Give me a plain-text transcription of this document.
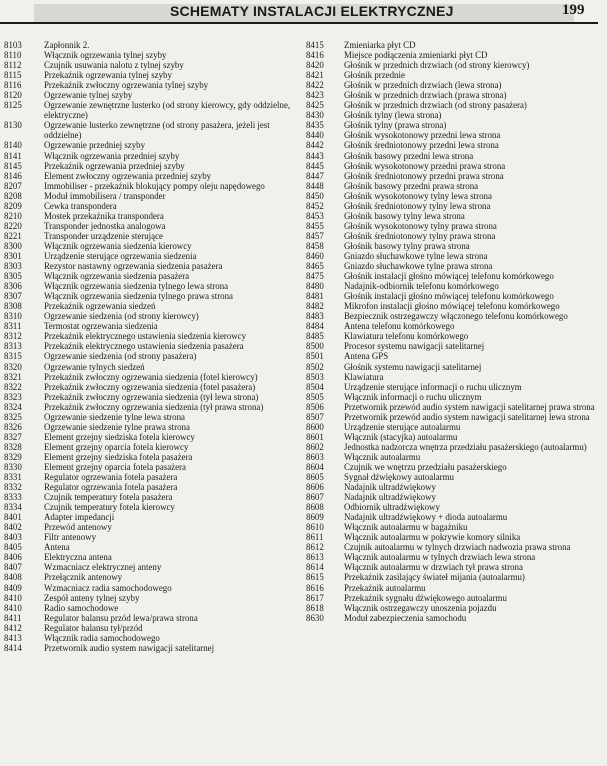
SCHEMATY INSTALACJI ELEKTRYCZNEJ	199
8103	Zapłonnik 2.
8110	Włącznik ogrzewania tylnej szyby
8112	Czujnik usuwania nalotu z tylnej szyby
8115	Przekaźnik ogrzewania tylnej szyby
8116	Przekaźnik zwłoczny ogrzewania tylnej szyby
8120	Ogrzewanie tylnej szyby
8125	Ogrzewanie zewnętrzne lusterko (od strony kierowcy, gdy oddzielne, elektryczne)
8130	Ogrzewanie lusterko zewnętrzne (od strony pasażera, jeżeli jest oddzielne)
8140	Ogrzewanie przedniej szyby
8141	Włącznik ogrzewania przedniej szyby
8145	Przekaźnik ogrzewania przedniej szyby
8146	Element zwłoczny ogrzewania przedniej szyby
8207	Immobiliser - przekaźnik blokujący pompy oleju napędowego
8208	Moduł immobilisera / transponder
8209	Cewka transpondera
8210	Mostek przekaźnika transpondera
8220	Transponder jednostka analogowa
8221	Transponder urządzenie sterujące
8300	Włącznik ogrzewania siedzenia kierowcy
8301	Urządzenie sterujące ogrzewania siedzenia
8303	Rezystor nastawny ogrzewania siedzenia pasażera
8305	Włącznik ogrzewania siedzenia pasażera
8306	Włącznik ogrzewania siedzenia tylnego lewa strona
8307	Włącznik ogrzewania siedzenia tylnego prawa strona
8308	Przekaźnik ogrzewania siedzeń
8310	Ogrzewanie siedzenia (od strony kierowcy)
8311	Termostat ogrzewania siedzenia
8312	Przekaźnik elektrycznego ustawienia siedzenia kierowcy
8313	Przekaźnik elektrycznego ustawienia siedzenia pasażera
8315	Ogrzewanie siedzenia (od strony pasażera)
8320	Ogrzewanie tylnych siedzeń
8321	Przekaźnik zwłoczny ogrzewania siedzenia (fotel kierowcy)
8322	Przekaźnik zwłoczny ogrzewania siedzenia (fotel pasażera)
8323	Przekaźnik zwłoczny ogrzewania siedzenia (tył lewa strona)
8324	Przekaźnik zwłoczny ogrzewania siedzenia (tył prawa strona)
8325	Ogrzewanie siedzenie tylne lewa strona
8326	Ogrzewanie siedzenie tylne prawa strona
8327	Element grzejny siedziska fotela kierowcy
8328	Element grzejny oparcia fotela kierowcy
8329	Element grzejny siedziska fotela pasażera
8330	Element grzejny oparcia fotela pasażera
8331	Regulator ogrzewania fotela pasażera
8332	Regulator ogrzewania fotela pasażera
8333	Czujnik temperatury fotela pasażera
8334	Czujnik temperatury fotela kierowcy
8401	Adapter impedancji
8402	Przewód antenowy
8403	Filtr antenowy
8405	Antena
8406	Elektryczna antena
8407	Wzmacniacz elektrycznej anteny
8408	Przełącznik antenowy
8409	Wzmacniacz radia samochodowego
8410	Zespół anteny tylnej szyby
8410	Radio samochodowe
8411	Regulator balansu przód lewa/prawa strona
8412	Regulator balansu tył/przód
8413	Włącznik radia samochodowego
8414	Przetwornik audio system nawigacji satelitarnej
8415	Zmieniarka płyt CD
8416	Miejsce podłączenia zmieniarki płyt CD
8420	Głośnik w przednich drzwiach (od strony kierowcy)
8421	Głośnik przednie
8422	Głośnik w przednich drzwiach (lewa strona)
8423	Głośnik w przednich drzwiach (prawa strona)
8425	Głośnik w przednich drzwiach (od strony pasażera)
8430	Głośnik tylny (lewa strona)
8435	Głośnik tylny (prawa strona)
8440	Głośnik wysokotonowy przedni lewa strona
8442	Głośnik średniotonowy przedni lewa strona
8443	Głośnik basowy przedni lewa strona
8445	Głośnik wysokotonowy przedni prawa strona
8447	Głośnik średniotonowy przedni prawa strona
8448	Głośnik basowy przedni prawa strona
8450	Głośnik wysokotonowy tylny lewa strona
8452	Głośnik średniotonowy tylny lewa strona
8453	Głośnik basowy tylny lewa strona
8455	Głośnik wysokotonowy tylny prawa strona
8457	Głośnik średniotonowy tylny prawa strona
8458	Głośnik basowy tylny prawa strona
8460	Gniazdo słuchawkowe tylne lewa strona
8465	Gniazdo słuchawkowe tylne prawa strona
8475	Głośnik instalacji głośno mówiącej telefonu komórkowego
8480	Nadajnik-odbiornik telefonu komórkowego
8481	Głośnik instalacji głośno mówiącej telefonu komórkowego
8482	Mikrofon instalacji głośno mówiącej telefonu komórkowego
8483	Bezpiecznik ostrzegawczy włączonego telefonu komórkowego
8484	Antena telefonu komórkowego
8485	Klawiatura telefonu komórkowego
8500	Procesor systemu nawigacji satelitarnej
8501	Antena GPS
8502	Głośnik systemu nawigacji satelitarnej
8503	Klawiatura
8504	Urządzenie sterujące informacji o ruchu ulicznym
8505	Włącznik informacji o ruchu ulicznym
8506	Przetwornik przewód audio system nawigacji satelitarnej prawa strona
8507	Przetwornik przewód audio system nawigacji satelitarnej lewa strona
8600	Urządzenie sterujące autoalarmu
8601	Włącznik (stacyjka) autoalarmu
8602	Jednostka nadzorcza wnętrza przedziału pasażerskiego (autoalarmu)
8603	Włącznik autoalarmu
8604	Czujnik we wnętrzu przedziału pasażerskiego
8605	Sygnał dźwiękowy autoalarmu
8606	Nadajnik ultradźwiękowy
8607	Nadajnik ultradźwiękowy
8608	Odbiornik ultradźwiękowy
8609	Nadajnik ultradźwiękowy + dioda autoalarmu
8610	Włącznik autoalarmu w bagażniku
8611	Włącznik autoalarmu w pokrywie komory silnika
8612	Czujnik autoalarmu w tylnych drzwiach nadwozia prawa strona
8613	Włącznik autoalarmu w tylnych drzwiach lewa strona
8614	Włącznik autoalarmu w drzwiach tył prawa strona
8615	Przekaźnik zasilający świateł mijania (autoalarmu)
8616	Przekaźnik autoalarmu
8617	Przekaźnik sygnału dźwiękowego autoalarmu
8618	Włącznik ostrzegawczy unoszenia pojazdu
8630	Moduł zabezpieczenia samochodu
